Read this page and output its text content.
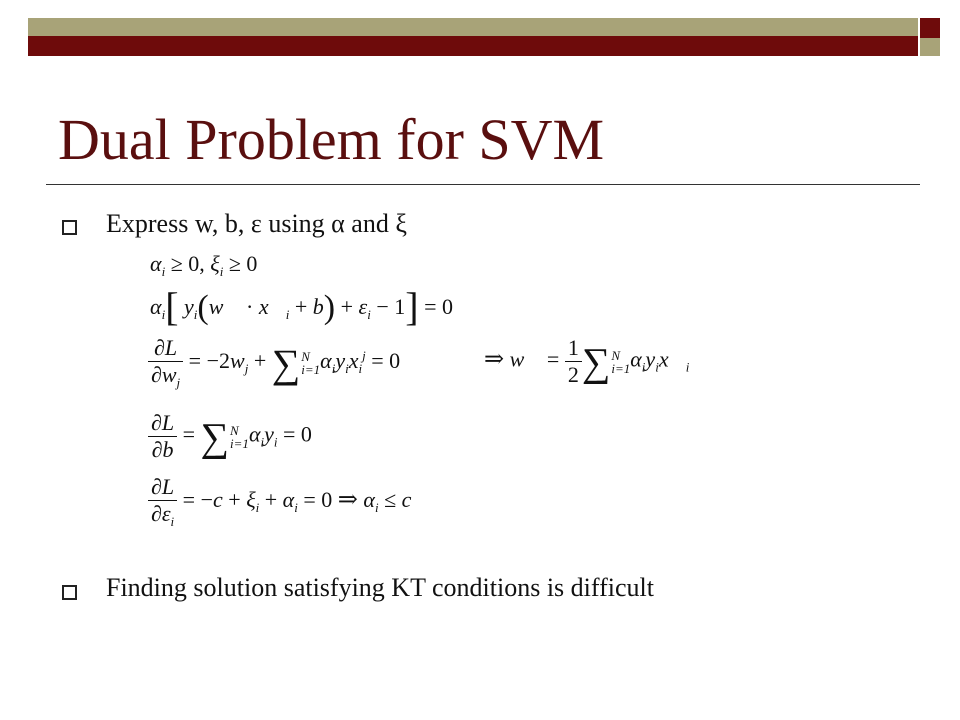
Dual Problem for SVM
Express w, b, ε using α and ξ
$\alpha_i \ge 0$, $\xi_i \ge 0$
$\alpha_i$[ $y_i(w⃗$ · $x⃗_i + b) + \varepsilon_i - 1] = 0$
$\frac{\partial L}{\partial w_j} = -2w_j + \sum N$
$i=1\alpha_iy_ix_i^j = 0$	⇒ w⃗ = $\frac{1}{2} \sum N$
$i=1\alpha_iy_ix⃗_i$
$\frac{\partial L}{\partial b} = \sum N$
$i=1\alpha_iy_i = 0$
$\frac{\partial L}{\partial\varepsilon_i} = -c + \xi_i + \alpha_i = 0$ ⇒ $\alpha_i \le c$
Finding solution satisfying KT conditions is difficult
